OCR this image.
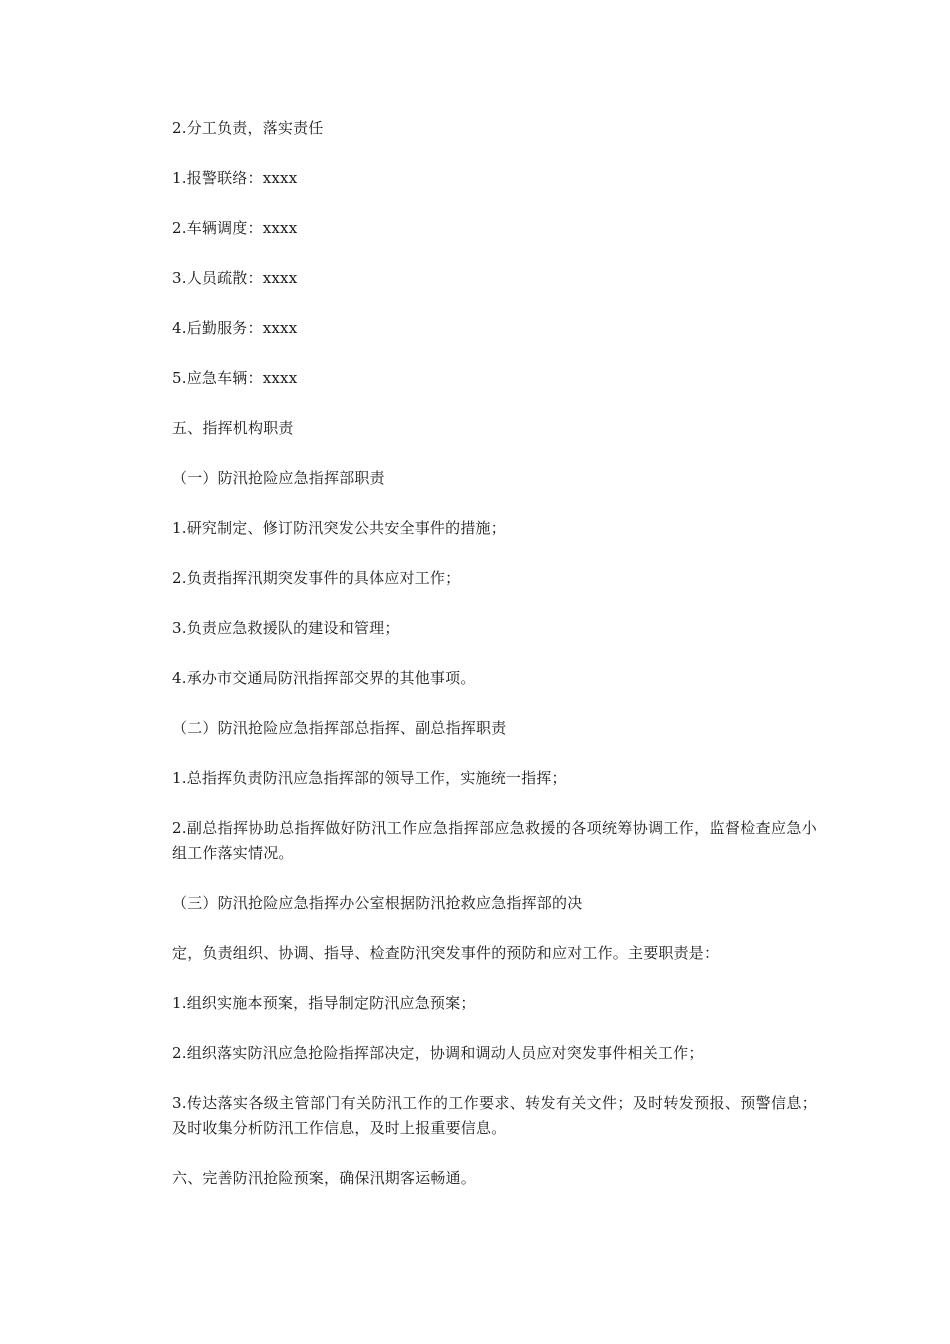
2.分工负责，落实责任

1.报警联络：xxxx

2.车辆调度：xxxx

3.人员疏散：xxxx

4.后勤服务：xxxx

5.应急车辆：xxxx

五、指挥机构职责

（一）防汛抢险应急指挥部职责

1.研究制定、修订防汛突发公共安全事件的措施；

2.负责指挥汛期突发事件的具体应对工作；

3.负责应急救援队的建设和管理；

4.承办市交通局防汛指挥部交界的其他事项。

（二）防汛抢险应急指挥部总指挥、副总指挥职责

1.总指挥负责防汛应急指挥部的领导工作，实施统一指挥；

2.副总指挥协助总指挥做好防汛工作应急指挥部应急救援的各项统筹协调工作，监督检查应急小组工作落实情况。

（三）防汛抢险应急指挥办公室根据防汛抢救应急指挥部的决

定，负责组织、协调、指导、检查防汛突发事件的预防和应对工作。主要职责是：

1.组织实施本预案，指导制定防汛应急预案；

2.组织落实防汛应急抢险指挥部决定，协调和调动人员应对突发事件相关工作；

3.传达落实各级主管部门有关防汛工作的工作要求、转发有关文件；及时转发预报、预警信息；及时收集分析防汛工作信息，及时上报重要信息。

六、完善防汛抢险预案，确保汛期客运畅通。
